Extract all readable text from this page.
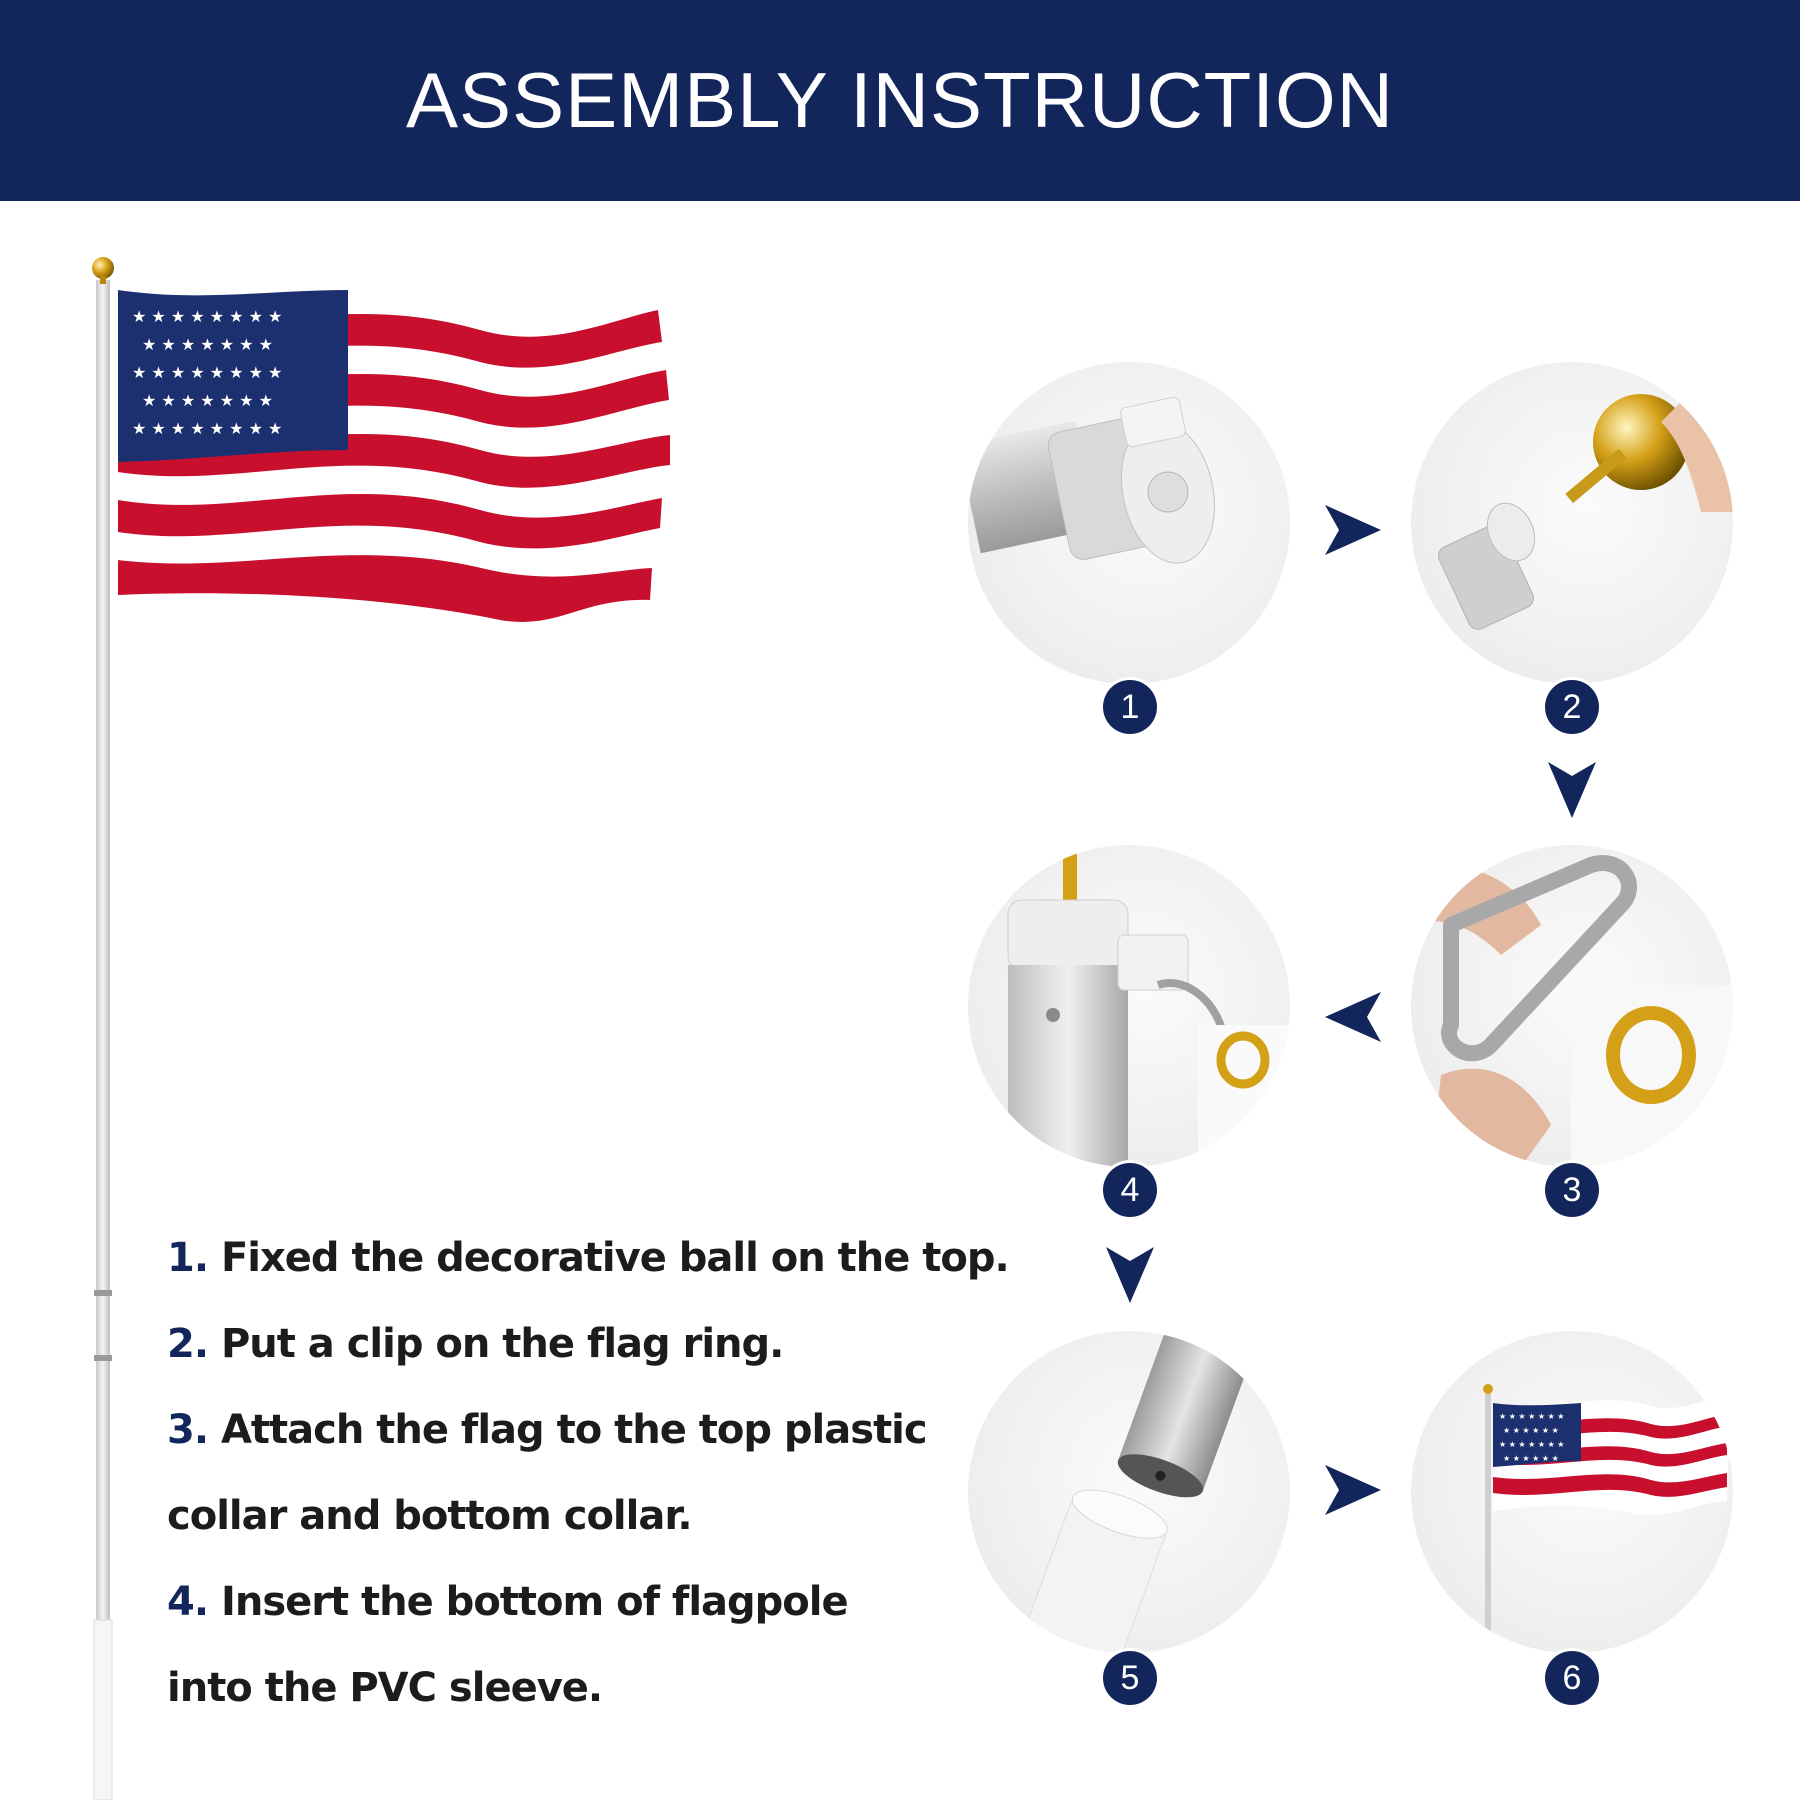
ASSEMBLY INSTRUCTION
★ ★ ★ ★ ★ ★ ★ ★
★ ★ ★ ★ ★ ★ ★
★ ★ ★ ★ ★ ★ ★ ★
★ ★ ★ ★ ★ ★ ★
★ ★ ★ ★ ★ ★ ★ ★
1	2
3
4
5
★ ★ ★ ★ ★ ★ ★
★ ★ ★ ★ ★ ★
★ ★ ★ ★ ★ ★ ★
★ ★ ★ ★ ★ ★
6
1. Fixed the decorative ball on the top.
2. Put a clip on the flag ring.
3. Attach the flag to the top plastic
collar and bottom collar.
4. Insert the bottom of flagpole
into the PVC sleeve.
